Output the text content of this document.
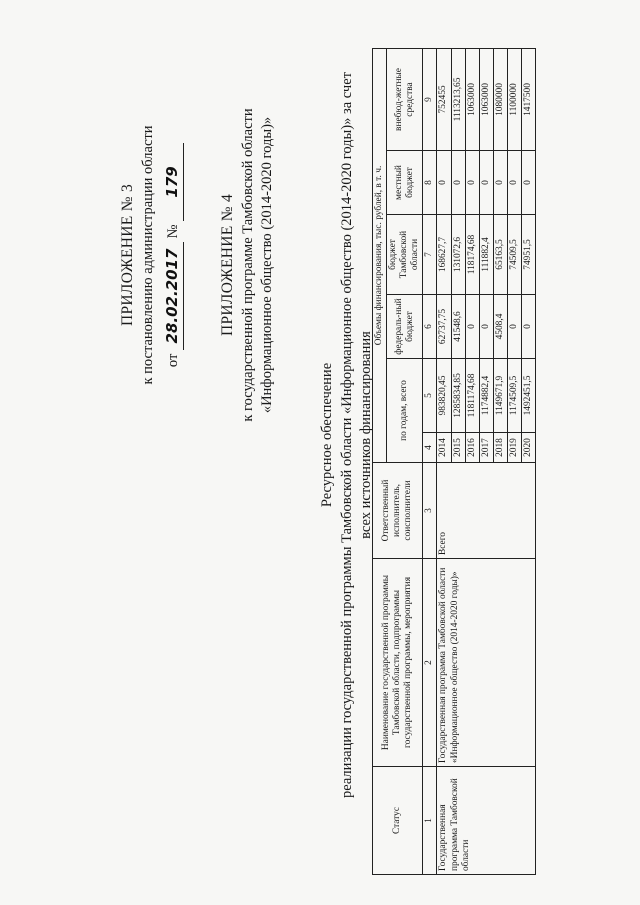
ПРИЛОЖЕНИЕ № 3 к постановлению администрации области от 28.02.2017 № 179
ПРИЛОЖЕНИЕ № 4 к государственной программе Тамбовской области «Информационное общество (2014-2020 годы)»
Ресурсное обеспечение реализации государственной программы Тамбовской области «Информационное общество (2014-2020 годы)» за счет всех источников финансирования
Статус	Наименование государственной программы Тамбовской области, подпрограммы государственной программы, мероприятия	Ответственный исполнитель, соисполнители	Объемы финансирования, тыс. рублей, в т. ч.					
			по годам, всего		федераль-ный бюджет	бюджет Тамбовской области	местный бюджет	внебюд-жетные средства
1	2	3	4	5	6	7	8	9
Государственная программа Тамбовской области	Государственная программа Тамбовской области «Информационное общество (2014-2020 годы)»	Всего	2014	983820,45	62737,75	168627,7	0	752455
			2015	1285834,85	41548,6	131072,6	0	1113213,65
			2016	1181174,68	0	118174,68	0	1063000
			2017	1174882,4	0	111882,4	0	1063000
			2018	1149671,9	4508,4	65163,5	0	1080000
			2019	1174509,5	0	74509,5	0	1100000
			2020	1492451,5	0	74951,5	0	1417500
